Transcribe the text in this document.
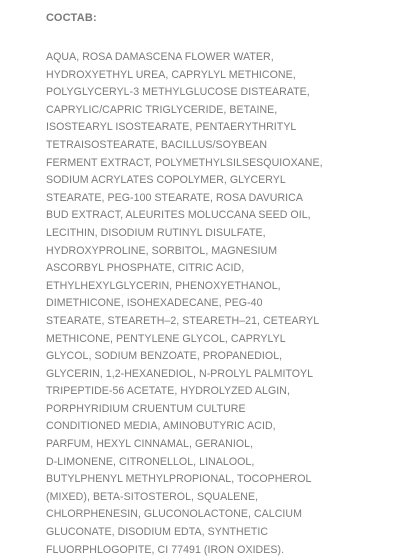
СОСТАВ:
AQUA, ROSA DAMASCENA FLOWER WATER,
HYDROXYETHYL UREA, CAPRYLYL METHICONE,
POLYGLYCERYL-3 METHYLGLUCOSE DISTEARATE,
CAPRYLIC/CAPRIC TRIGLYCERIDE, BETAINE,
ISOSTEARYL ISOSTEARATE, PENTAERYTHRITYL
TETRAISOSTEARATE, BACILLUS/SOYBEAN
FERMENT EXTRACT, POLYMETHYLSILSESQUIOXANE,
SODIUM ACRYLATES COPOLYMER, GLYCERYL
STEARATE, PEG-100 STEARATE, ROSA DAVURICA
BUD EXTRACT, ALEURITES MOLUCCANA SEED OIL,
LECITHIN, DISODIUM RUTINYL DISULFATE,
HYDROXYPROLINE, SORBITOL, MAGNESIUM
ASCORBYL PHOSPHATE, CITRIC ACID,
ETHYLHEXYLGLYCERIN, PHENOXYETHANOL,
DIMETHICONE, ISOHEXADECANE, PEG-40
STEARATE, STEARETH–2, STEARETH–21, CETEARYL
METHICONE, PENTYLENE GLYCOL, CAPRYLYL
GLYCOL, SODIUM BENZOATE, PROPANEDIOL,
GLYCERIN, 1,2-HEXANEDIOL, N-PROLYL PALMITOYL
TRIPEPTIDE-56 ACETATE, HYDROLYZED ALGIN,
PORPHYRIDIUM CRUENTUM CULTURE
CONDITIONED MEDIA, AMINOBUTYRIC ACID,
PARFUM, HEXYL CINNAMAL, GERANIOL,
D-LIMONENE, CITRONELLOL, LINALOOL,
BUTYLPHENYL METHYLPROPIONAL, TOCOPHEROL
(MIXED), BETA-SITOSTEROL, SQUALENE,
CHLORPHENESIN, GLUCONOLACTONE, CALCIUM
GLUCONATE, DISODIUM EDTA, SYNTHETIC
FLUORPHLOGOPITE, CI 77491 (IRON OXIDES).
